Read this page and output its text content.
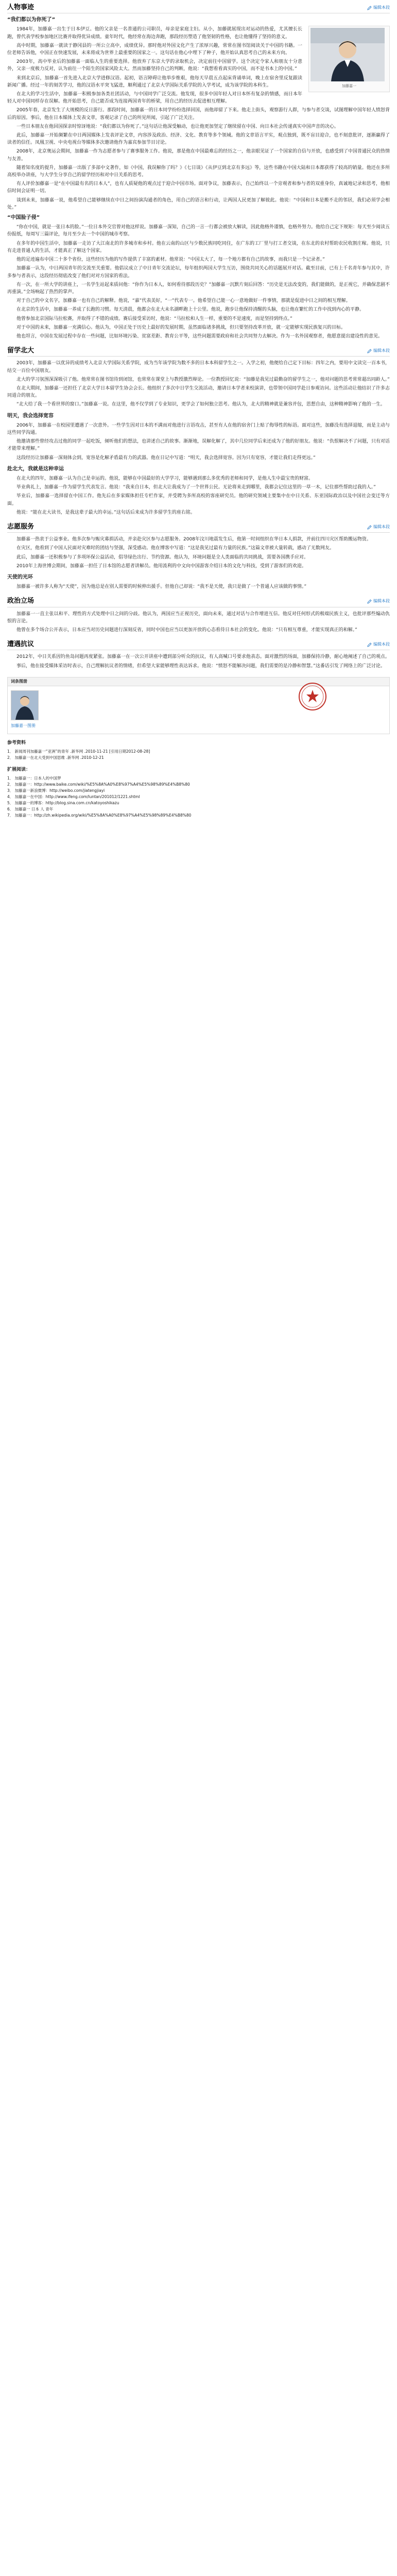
人物事迹	编辑本段
“我们都以为你死了”
加藤嘉一

1984年，加藤嘉一出生于日本伊豆。他的父亲是一名普通的公司职员，母亲是家庭主妇。从小，加藤就展现出对运动的热爱，尤其擅长长跑，曾代表学校参加地区比赛并取得优异成绩。童年时代，他经常在海边奔跑，那段经历塑造了他坚韧的性格，也让他懂得了坚持的意义。

高中时期，加藤嘉一就读于静冈县的一所公立高中，成绩优异。那时他对外国文化产生了浓厚兴趣，常常在图书馆阅读关于中国的书籍。一位老师告诉他，中国正在快速发展，未来将成为世界上最重要的国家之一。这句话在他心中埋下了种子，他开始认真思考自己的未来方向。

2003年，高中毕业后的加藤嘉一面临人生的重要选择。他放弃了东京大学的录取机会，决定前往中国留学。这个决定令家人和朋友十分意外，父亲一度极力反对，认为前往一个陌生的国家风险太大。然而加藤坚持自己的判断，他说：“我想看看真实的中国，而不是书本上的中国。”

来到北京后，加藤嘉一首先进入北京大学进修汉语。起初，语言障碍让他举步维艰，他每天早晨五点起床背诵单词，晚上在宿舍里反复跟读新闻广播。经过一年的刻苦学习，他的汉语水平突飞猛进，顺利通过了北京大学国际关系学院的入学考试，成为该学院的本科生。

在北大的学习生活中，加藤嘉一积极参加各类社团活动，与中国同学广泛交流。他发现，很多中国年轻人对日本怀有复杂的情感，而日本年轻人对中国同样存在误解。他开始思考，自己能否成为连接两国青年的桥梁，用自己的经历去促进相互理解。

2005年春，北京发生了大规模的反日游行。那段时间，加藤嘉一的日本同学纷纷选择回国，而他却留了下来。他走上街头，观察游行人群，与参与者交谈，试图理解中国年轻人愤怒背后的原因。事后，他在日本媒体上发表文章，客观记录了自己的所见所闻，引起了广泛关注。

一些日本朋友在他回国探亲时惊讶地说：“我们都以为你死了。”这句话让他深受触动，也让他更加坚定了继续留在中国、向日本社会传递真实中国声音的决心。

此后，加藤嘉一开始频繁在中日两国媒体上发表评论文章，内容涉及政治、经济、文化、教育等多个领域。他的文章语言平实，观点独到，既不盲目迎合，也不刻意批评，逐渐赢得了读者的信任。凤凰卫视、中央电视台等媒体多次邀请他作为嘉宾参加节目讨论。

2008年，北京奥运会期间，加藤嘉一作为志愿者参与了赛事服务工作。他说，那是他在中国最难忘的经历之一，他亲眼见证了一个国家的自信与开放，也感受到了中国普通民众的热情与友善。

随着知名度的提升，加藤嘉一出版了多部中文著作，如《中国，我误解你了吗？》《七日谈》《从伊豆到北京有多远》等，这些书籍在中国大陆和日本都获得了较高的销量。他还在多所高校举办讲座，与大学生分享自己的留学经历和对中日关系的思考。

有人评价加藤嘉一是“在中国最有名的日本人”，也有人质疑他的观点过于迎合中国市场。面对争议，加藤表示，自己始终以一个旁观者和参与者的双重身份，真诚地记录和思考，他相信时间会证明一切。

谈到未来，加藤嘉一说，他希望自己能够继续在中日之间扮演沟通者的角色，用自己的语言和行动，让两国人民更加了解彼此。他说：“中国和日本是搬不走的邻居，我们必须学会相处。”

“中国脸子侵”

“你在中国，就是一张日本的脸。”一位日本外交官曾对他这样说。加藤嘉一深知，自己的一言一行都会被放大解读，因此他格外谨慎，也格外努力。他给自己定下规矩：每天至少阅读五份报纸，每周写三篇评论，每月至少去一个中国的城市考察。

在多年的中国生活中，加藤嘉一走访了大江南北的许多城市和乡村。他在云南的山区与少数民族同吃同住，在广东的工厂里与打工者交谈，在东北的农村帮助农民收割庄稼。他说，只有走进普通人的生活，才能真正了解这个国家。

他的足迹遍布中国二十多个省份，这些经历为他的写作提供了丰富的素材。他常说：“中国太大了，每一个地方都有自己的故事，而我只是一个记录者。”

加藤嘉一认为，中日两国青年的交流至关重要。他倡议成立了中日青年交流论坛，每年组织两国大学生互访，围绕共同关心的话题展开对话。截至目前，已有上千名青年参与其中，许多参与者表示，这段经历彻底改变了他们对对方国家的看法。

有一次，在一所大学的讲座上，一名学生站起来质问他：“你作为日本人，如何看待那段历史？”加藤嘉一沉默片刻后回答：“历史是无法改变的，我们能做的，是正视它，并确保悲剧不再重演。”全场响起了热烈的掌声。

对于自己的中文名字，加藤嘉一也有自己的解释。他说，“嘉”代表美好，“一”代表专一。他希望自己能一心一意地做好一件事情，那就是促进中日之间的相互理解。

在北京的生活中，加藤嘉一养成了长跑的习惯。每天清晨，他都会在北大未名湖畔跑上十公里。他说，跑步让他保持清醒的头脑，也让他在繁忙的工作中找到内心的平静。

他曾参加北京国际马拉松赛，并取得了不错的成绩。赛后接受采访时，他说：“马拉松和人生一样，重要的不是速度，而是坚持到终点。”

对于中国的未来，加藤嘉一充满信心。他认为，中国正处于历史上最好的发展时期，虽然面临诸多挑战，但只要坚持改革开放，就一定能够实现民族复兴的目标。

他也坦言，中国在发展过程中存在一些问题，比如环境污染、贫富差距、教育公平等，这些问题需要政府和社会共同努力去解决。作为一名外国观察者，他愿意提出建设性的意见。

留学北大	编辑本段

2003年，加藤嘉一以优异的成绩考入北京大学国际关系学院，成为当年该学院为数不多的日本本科留学生之一。入学之初，他便给自己定下目标：四年之内，要用中文读完一百本书，结交一百位中国朋友。

北大的学习氛围深深吸引了他。他常常在图书馆待到闭馆，也常常在课堂上与教授激烈辩论。一位教授回忆说：“加藤是我见过最勤奋的留学生之一，他对问题的思考常常超出同龄人。”

在北大期间，加藤嘉一还担任了北京大学日本留学生协会会长。他组织了多次中日学生交流活动，邀请日本学者来校演讲，也带领中国同学赴日参观访问。这些活动让他结识了许多志同道合的朋友。

“北大给了我一个看世界的窗口。”加藤嘉一说。在这里，他不仅学到了专业知识，更学会了如何独立思考。他认为，北大的精神就是兼容并包，思想自由，这种精神影响了他的一生。

明天，我会选择宽容

2006年，加藤嘉一在校园里遭遇了一次意外。一些学生因对日本的不满而对他进行言语攻击，甚至有人在他的宿舍门上贴了侮辱性的标语。面对这些，加藤没有选择退缩，而是主动与这些同学沟通。

他邀请那些曾经攻击过他的同学一起吃饭，倾听他们的想法，也讲述自己的故事。渐渐地，误解化解了，其中几位同学后来还成为了他的好朋友。他说：“仇恨解决不了问题，只有对话才能带来理解。”

这段经历让加藤嘉一深刻体会到，宽容是化解矛盾最有力的武器。他在日记中写道：“明天，我会选择宽容。因为只有宽容，才能让我们走得更远。”

赴北大，我就是这种幸运

在北大的四年，加藤嘉一认为自己是幸运的。他说，能够在中国最好的大学学习，能够遇到那么多优秀的老师和同学，是他人生中最宝贵的财富。

毕业典礼上，加藤嘉一作为留学生代表发言。他说：“我来自日本，但北大让我成为了一个世界公民。无论将来走到哪里，我都会记住这里的一草一木，记住那些帮助过我的人。”

毕业后，加藤嘉一选择留在中国工作。他先后在多家媒体担任专栏作家，并受聘为多所高校的客座研究员。他的研究领域主要集中在中日关系、东亚国际政治以及中国社会变迁等方面。

他说：“能在北大读书，是我这辈子最大的幸运。”这句话后来成为许多留学生的座右铭。

志愿服务	编辑本段

加藤嘉一热衷于公益事业。他多次参与赈灾募捐活动，并亲赴灾区参与志愿服务。2008年汶川地震发生后，他第一时间组织在华日本人捐款，并前往四川灾区帮助搬运物资。

在灾区，他看到了中国人民面对灾难时的团结与坚强，深受感动。他在博客中写道：“这是我见过最有力量的民族。”这篇文章被大量转载，感动了无数网友。

此后，加藤嘉一还积极参与了多项环保公益活动，倡导绿色出行、节约资源。他认为，环境问题是全人类面临的共同挑战，需要各国携手应对。

2010年上海世博会期间，加藤嘉一担任了日本馆的志愿者讲解员。他用流利的中文向中国游客介绍日本的文化与科技，受到了游客们的欢迎。

天使的光环

加藤嘉一被许多人称为“天使”，因为他总是在别人需要的时候伸出援手。但他自己却说：“我不是天使，我只是做了一个普通人应该做的事情。”

政治立场	编辑本段

加藤嘉一一直主张以和平、理性的方式处理中日之间的分歧。他认为，两国应当正视历史，面向未来，通过对话与合作增进互信。他反对任何形式的极端民族主义，也批评那些煽动仇恨的言论。

他曾在多个场合公开表示，日本应当对历史问题进行深刻反省，同时中国也应当以更加开放的心态看待日本社会的变化。他说：“只有相互尊重，才能实现真正的和解。”

遭遇抗议	编辑本段

2012年，中日关系因钓鱼岛问题再度紧张。加藤嘉一在一次公开讲座中遭到部分听众的抗议，有人高喊口号要求他表态。面对激烈的场面，加藤保持冷静，耐心地阐述了自己的观点。

事后，他在接受媒体采访时表示，自己理解抗议者的情绪，但希望大家能够理性表达诉求。他说：“愤怒不能解决问题，我们需要的是冷静和智慧。”这番话引发了网络上的广泛讨论。

词条图册
加藤嘉一图册
参考资料
1． 新闻周刊加藤嘉一“亚洲”的青年 .新华网 .2010-11-21 [引用日期2012-08-28]
2． 加藤嘉一在北大受到中国思维 .新华网 .2010-12-21
扩展阅读：
1． 加藤嘉一：日本人的中国梦
2． 加藤嘉一：http://www.baike.com/wiki/%E5%8A%A0%E8%97%A4%E5%98%89%E4%B8%80
3． 加藤嘉一新浪微博：http://weibo.com/jiatengjiayi
4． 加藤嘉一在中国：http://www.ifeng.com/luntan/201012/1221.shtml
5． 加藤嘉一的博客：http://blog.sina.com.cn/katoyoshikazu
6． 加藤嘉一 日本 人 青年
7． 加藤嘉一：http://zh.wikipedia.org/wiki/%E5%8A%A0%E8%97%A4%E5%98%89%E4%B8%80
